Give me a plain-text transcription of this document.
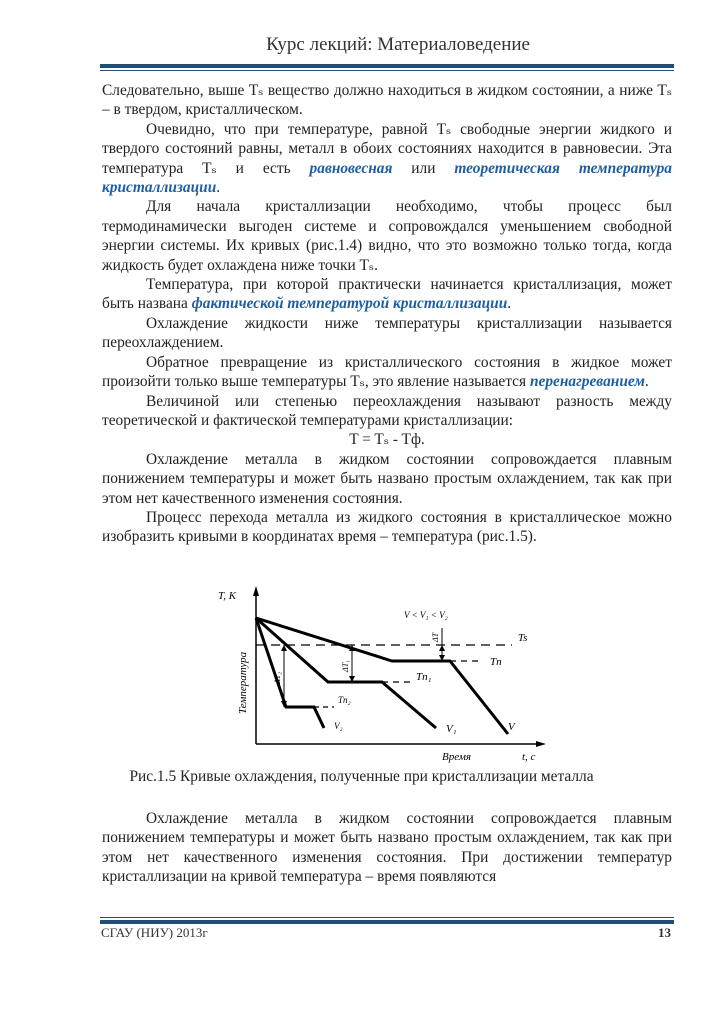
Курс лекций: Материаловедение

Следовательно, выше Tₛ вещество должно находиться в жидком состоянии, а ниже Tₛ – в твердом, кристаллическом.

Очевидно, что при температуре, равной Tₛ свободные энергии жидкого и твердого состояний равны, металл в обоих состояниях находится в равновесии. Эта температура Tₛ и есть равновесная или теоретическая температура кристаллизации.

Для начала кристаллизации необходимо, чтобы процесс был термодинамически выгоден системе и сопровождался уменьшением свободной энергии системы. Их кривых (рис.1.4) видно, что это возможно только тогда, когда жидкость будет охлаждена ниже точки Tₛ.

Температура, при которой практически начинается кристаллизация, может быть названа фактической температурой кристаллизации.

Охлаждение жидкости ниже температуры кристаллизации называется переохлаждением.

Обратное превращение из кристаллического состояния в жидкое может произойти только выше температуры Tₛ, это явление называется перенагреванием.

Величиной или степенью переохлаждения называют разность между теоретической и фактической температурами кристаллизации:

T = Tₛ - Tф.

Охлаждение металла в жидком состоянии сопровождается плавным понижением температуры и может быть названо простым охлаждением, так как при этом нет качественного изменения состояния.

Процесс перехода металла из жидкого состояния в кристаллическое можно изобразить кривыми в координатах время – температура (рис.1.5).

T, K
Температура
Время	t, c
V < V₁ < V₂
Ts
Tn
V
Tn₁
V₁
Tn₂
V₂
ΔT
ΔT₁
ΔT₂
Рис.1.5 Кривые охлаждения, полученные при кристаллизации металла

Охлаждение металла в жидком состоянии сопровождается плавным понижением температуры и может быть названо простым охлаждением, так как при этом нет качественного изменения состояния. При достижении температур кристаллизации на кривой температура – время появляются

СГАУ (НИУ) 2013г	13
